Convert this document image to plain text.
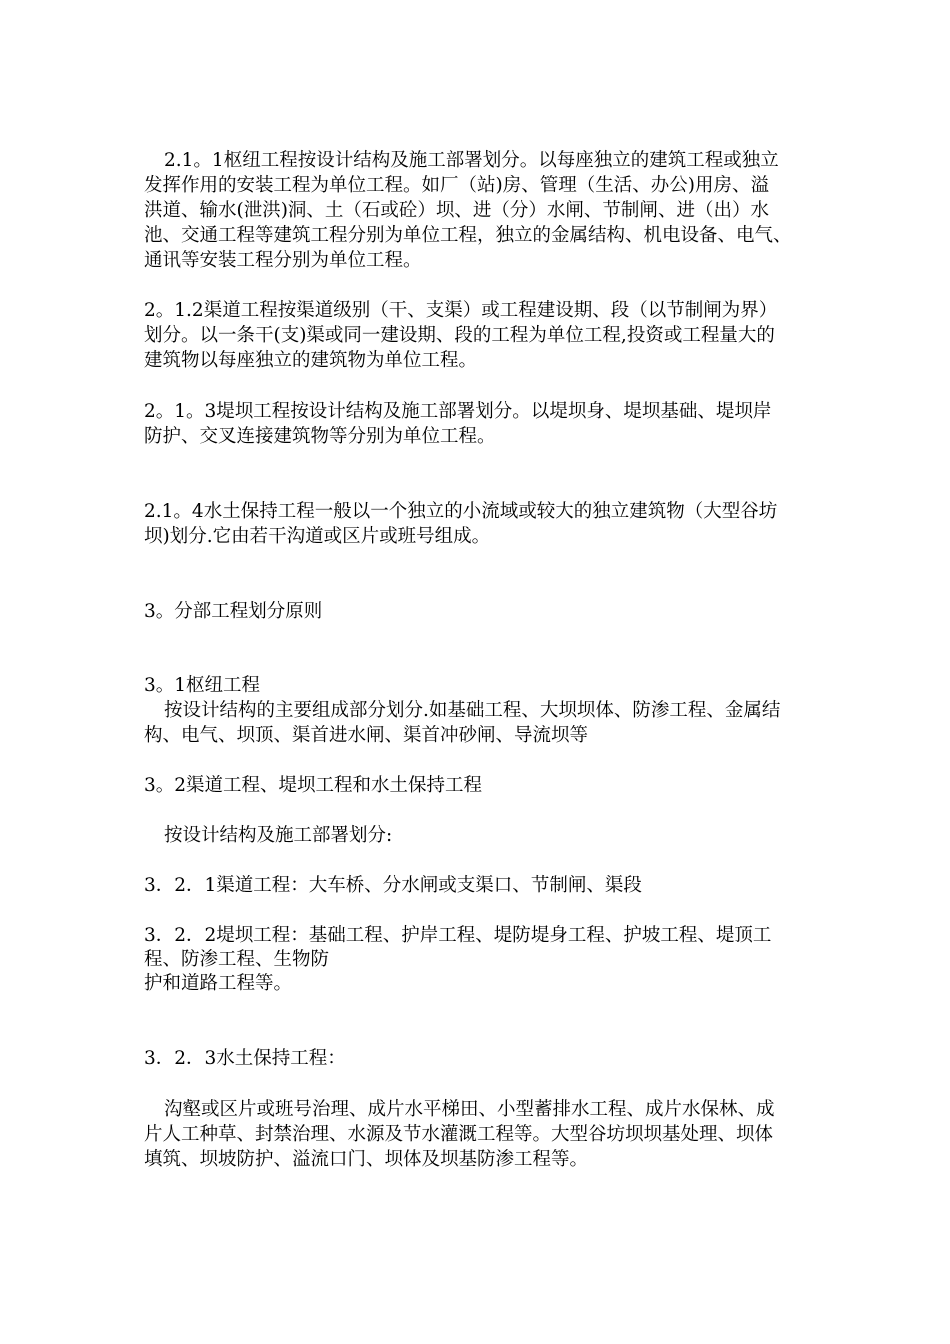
2.1。1枢纽工程按设计结构及施工部署划分。以每座独立的建筑工程或独立
发挥作用的安装工程为单位工程。如厂（站)房、管理（生活、办公)用房、溢
洪道、输水(泄洪)洞、土（石或砼）坝、进（分）水闸、节制闸、进（出）水
池、交通工程等建筑工程分别为单位工程，独立的金属结构、机电设备、电气、
通讯等安装工程分别为单位工程。
2。1.2渠道工程按渠道级别（干、支渠）或工程建设期、段（以节制闸为界）
划分。以一条干(支)渠或同一建设期、段的工程为单位工程,投资或工程量大的
建筑物以每座独立的建筑物为单位工程。
2。1。3堤坝工程按设计结构及施工部署划分。以堤坝身、堤坝基础、堤坝岸
防护、交叉连接建筑物等分别为单位工程。
2.1。4水土保持工程一般以一个独立的小流域或较大的独立建筑物（大型谷坊
坝)划分.它由若干沟道或区片或班号组成。
3。分部工程划分原则
3。1枢纽工程
按设计结构的主要组成部分划分.如基础工程、大坝坝体、防渗工程、金属结
构、电气、坝顶、渠首进水闸、渠首冲砂闸、导流坝等
3。2渠道工程、堤坝工程和水土保持工程
按设计结构及施工部署划分:
3．2．1渠道工程：大车桥、分水闸或支渠口、节制闸、渠段
3．2．2堤坝工程：基础工程、护岸工程、堤防堤身工程、护坡工程、堤顶工
程、防渗工程、生物防
护和道路工程等。
3．2．3水土保持工程：
沟壑或区片或班号治理、成片水平梯田、小型蓄排水工程、成片水保林、成
片人工种草、封禁治理、水源及节水灌溉工程等。大型谷坊坝坝基处理、坝体
填筑、坝坡防护、溢流口门、坝体及坝基防渗工程等。
